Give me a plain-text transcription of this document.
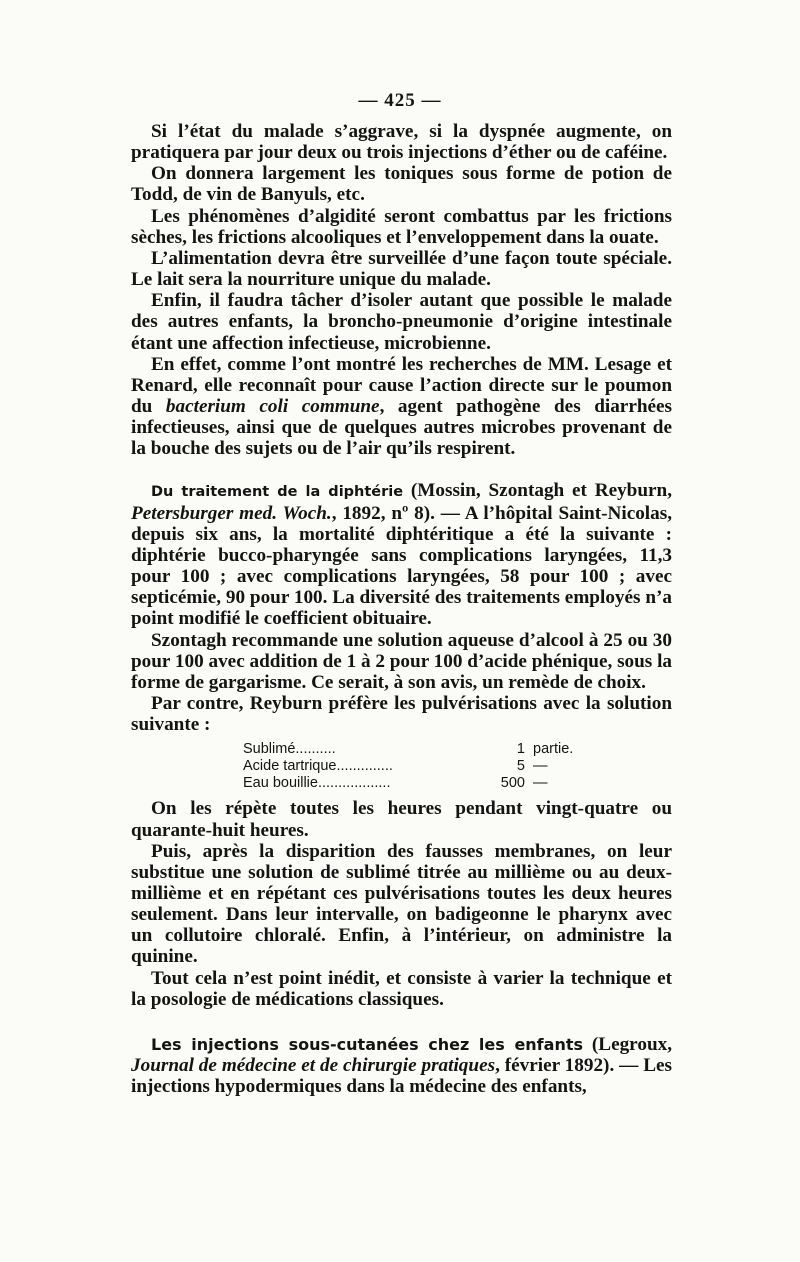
— 425 —

Si l’état du malade s’aggrave, si la dyspnée augmente, on pratiquera par jour deux ou trois injections d’éther ou de caféine.

On donnera largement les toniques sous forme de potion de Todd, de vin de Banyuls, etc.

Les phénomènes d’algidité seront combattus par les frictions sèches, les frictions alcooliques et l’enveloppement dans la ouate.

L’alimentation devra être surveillée d’une façon toute spéciale. Le lait sera la nourriture unique du malade.

Enfin, il faudra tâcher d’isoler autant que possible le malade des autres enfants, la broncho-pneumonie d’origine intestinale étant une affection infectieuse, microbienne.

En effet, comme l’ont montré les recherches de MM. Lesage et Renard, elle reconnaît pour cause l’action directe sur le poumon du bacterium coli commune, agent pathogène des diarrhées infectieuses, ainsi que de quelques autres microbes provenant de la bouche des sujets ou de l’air qu’ils respirent.

Du traitement de la diphtérie (Mossin, Szontagh et Reyburn, Petersburger med. Woch., 1892, nº 8). — A l’hôpital Saint-Nicolas, depuis six ans, la mortalité diphtéritique a été la suivante : diphtérie bucco-pharyngée sans complications laryngées, 11,3 pour 100 ; avec complications laryngées, 58 pour 100 ; avec septicémie, 90 pour 100. La diversité des traitements employés n’a point modifié le coefficient obituaire.

Szontagh recommande une solution aqueuse d’alcool à 25 ou 30 pour 100 avec addition de 1 à 2 pour 100 d’acide phénique, sous la forme de gargarisme. Ce serait, à son avis, un remède de choix.

Par contre, Reyburn préfère les pulvérisations avec la solution suivante :

Sublimé..........	1	partie.
Acide tartrique..............	5	—
Eau bouillie..................	500	—

On les répète toutes les heures pendant vingt-quatre ou quarante-huit heures.

Puis, après la disparition des fausses membranes, on leur substitue une solution de sublimé titrée au millième ou au deux-millième et en répétant ces pulvérisations toutes les deux heures seulement. Dans leur intervalle, on badigeonne le pharynx avec un collutoire chloralé. Enfin, à l’intérieur, on administre la quinine.

Tout cela n’est point inédit, et consiste à varier la technique et la posologie de médications classiques.

Les injections sous-cutanées chez les enfants (Legroux, Journal de médecine et de chirurgie pratiques, février 1892). — Les injections hypodermiques dans la médecine des enfants,
